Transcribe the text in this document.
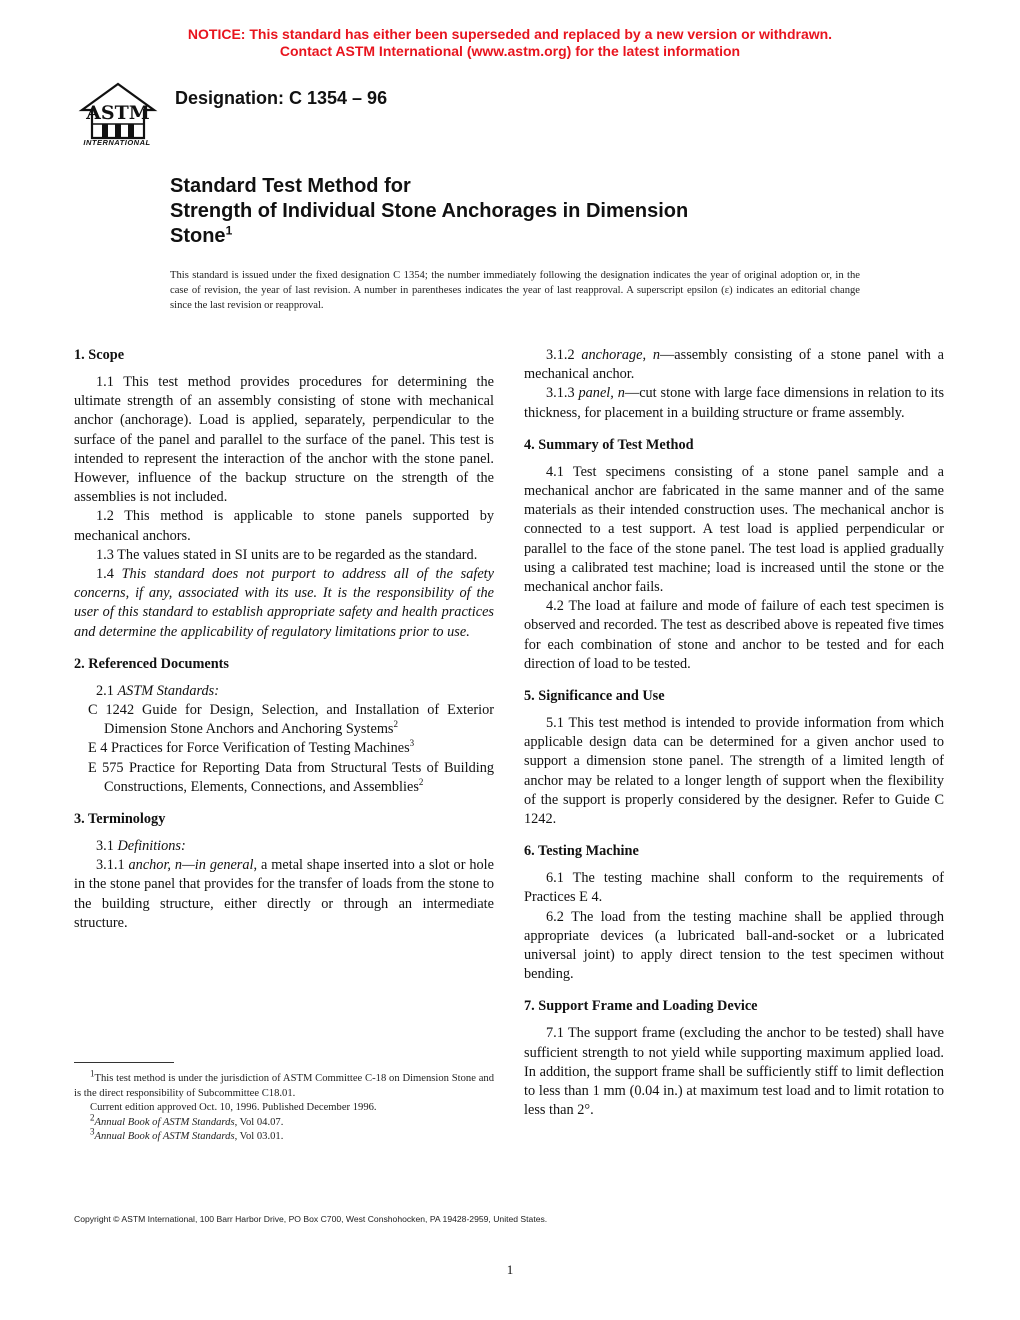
NOTICE: This standard has either been superseded and replaced by a new version or withdrawn.
Contact ASTM International (www.astm.org) for the latest information
ASTM
INTERNATIONAL
Designation: C 1354 – 96
Standard Test Method for
Strength of Individual Stone Anchorages in Dimension
Stone$^1$
This standard is issued under the fixed designation C 1354; the number immediately following the designation indicates the year of original adoption or, in the case of revision, the year of last revision. A number in parentheses indicates the year of last reapproval. A superscript epsilon (ε) indicates an editorial change since the last revision or reapproval.
1. Scope

1.1 This test method provides procedures for determining the ultimate strength of an assembly consisting of stone with mechanical anchor (anchorage). Load is applied, separately, perpendicular to the surface of the panel and parallel to the surface of the panel. This test is intended to represent the interaction of the anchor with the stone panel. However, influence of the backup structure on the strength of the assemblies is not included.

1.2 This method is applicable to stone panels supported by mechanical anchors.

1.3 The values stated in SI units are to be regarded as the standard.

1.4 This standard does not purport to address all of the safety concerns, if any, associated with its use. It is the responsibility of the user of this standard to establish appropriate safety and health practices and determine the applicability of regulatory limitations prior to use.

2. Referenced Documents

2.1 ASTM Standards:

C 1242 Guide for Design, Selection, and Installation of Exterior Dimension Stone Anchors and Anchoring Systems$^2$

E 4 Practices for Force Verification of Testing Machines$^3$

E 575 Practice for Reporting Data from Structural Tests of Building Constructions, Elements, Connections, and Assemblies$^2$

3. Terminology

3.1 Definitions:

3.1.1 anchor, n—in general, a metal shape inserted into a slot or hole in the stone panel that provides for the transfer of loads from the stone to the building structure, either directly or through an intermediate structure.

3.1.2 anchorage, n—assembly consisting of a stone panel with a mechanical anchor.

3.1.3 panel, n—cut stone with large face dimensions in relation to its thickness, for placement in a building structure or frame assembly.

4. Summary of Test Method

4.1 Test specimens consisting of a stone panel sample and a mechanical anchor are fabricated in the same manner and of the same materials as their intended construction uses. The mechanical anchor is connected to a test support. A test load is applied perpendicular or parallel to the face of the stone panel. The test load is applied gradually using a calibrated test machine; load is increased until the stone or the mechanical anchor fails.

4.2 The load at failure and mode of failure of each test specimen is observed and recorded. The test as described above is repeated five times for each combination of stone and anchor to be tested and for each direction of load to be tested.

5. Significance and Use

5.1 This test method is intended to provide information from which applicable design data can be determined for a given anchor used to support a dimension stone panel. The strength of a limited length of anchor may be related to a longer length of support when the flexibility of the support is properly considered by the designer. Refer to Guide C 1242.

6. Testing Machine

6.1 The testing machine shall conform to the requirements of Practices E 4.

6.2 The load from the testing machine shall be applied through appropriate devices (a lubricated ball-and-socket or a lubricated universal joint) to apply direct tension to the test specimen without bending.

7. Support Frame and Loading Device

7.1 The support frame (excluding the anchor to be tested) shall have sufficient strength to not yield while supporting maximum applied load. In addition, the support frame shall be sufficiently stiff to limit deflection to less than 1 mm (0.04 in.) at maximum test load and to limit rotation to less than 2°.

$^1$This test method is under the jurisdiction of ASTM Committee C-18 on Dimension Stone and is the direct responsibility of Subcommittee C18.01.

Current edition approved Oct. 10, 1996. Published December 1996.

$^2$Annual Book of ASTM Standards, Vol 04.07.

$^3$Annual Book of ASTM Standards, Vol 03.01.

Copyright © ASTM International, 100 Barr Harbor Drive, PO Box C700, West Conshohocken, PA 19428-2959, United States.
1
